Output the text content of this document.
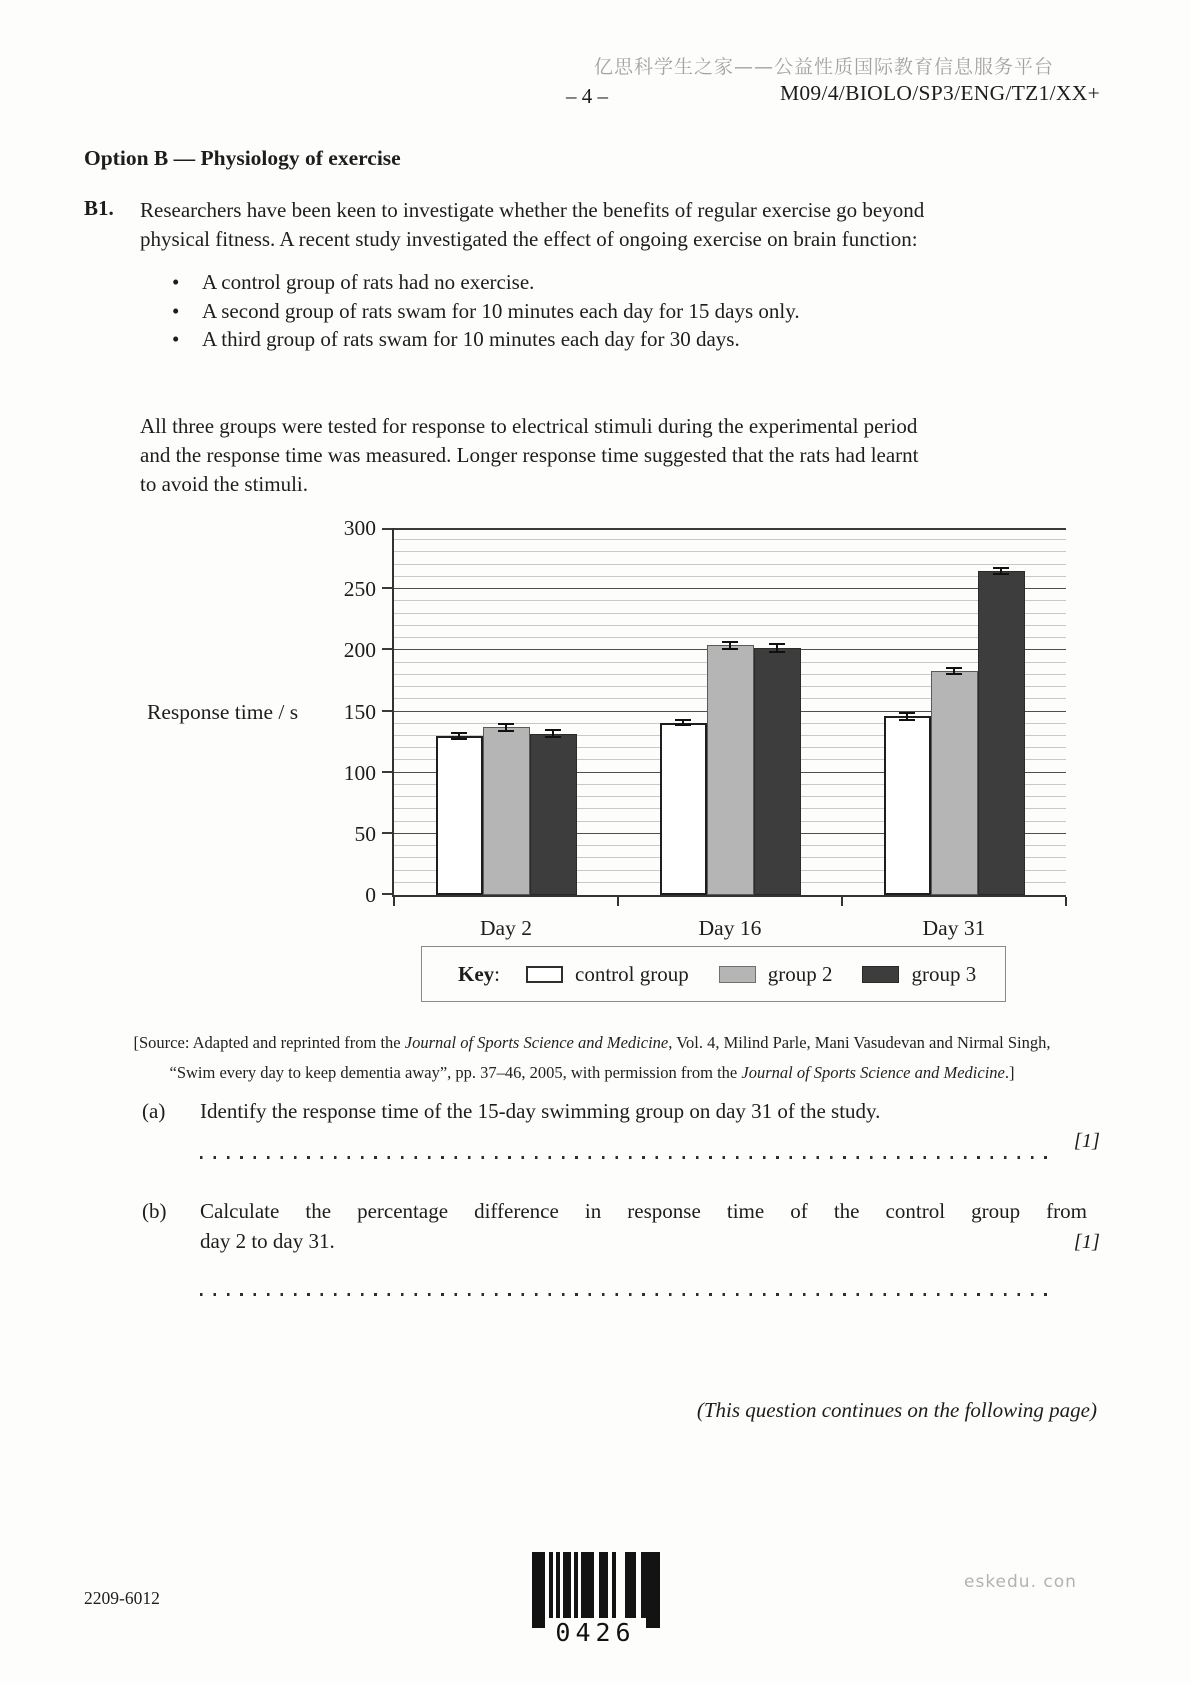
亿思科学生之家——公益性质国际教育信息服务平台
– 4 –	M09/4/BIOLO/SP3/ENG/TZ1/XX+
Option B — Physiology of exercise
B1. Researchers have been keen to investigate whether the benefits of regular exercise go beyond
physical fitness. A recent study investigated the effect of ongoing exercise on brain function:
•	A control group of rats had no exercise.
•	A second group of rats swam for 10 minutes each day for 15 days only.
•	A third group of rats swam for 10 minutes each day for 30 days.
All three groups were tested for response to electrical stimuli during the experimental period
and the response time was measured. Longer response time suggested that the rats had learnt
to avoid the stimuli.
Response time / s
0
50
100
150
200
250
300
Day 2	Day 16	Day 31
Key:	control group	group 2	group 3
[Source: Adapted and reprinted from the Journal of Sports Science and Medicine, Vol. 4, Milind Parle, Mani Vasudevan and Nirmal Singh,
“Swim every day to keep dementia away”, pp. 37–46, 2005, with permission from the Journal of Sports Science and Medicine.]
(a) Identify the response time of the 15-day swimming group on day 31 of the study.
[1]
(b) Calculate the percentage difference in response time of the control group from
day 2 to day 31.	[1]
(This question continues on the following page)
2209-6012
eskedu. con
0426
